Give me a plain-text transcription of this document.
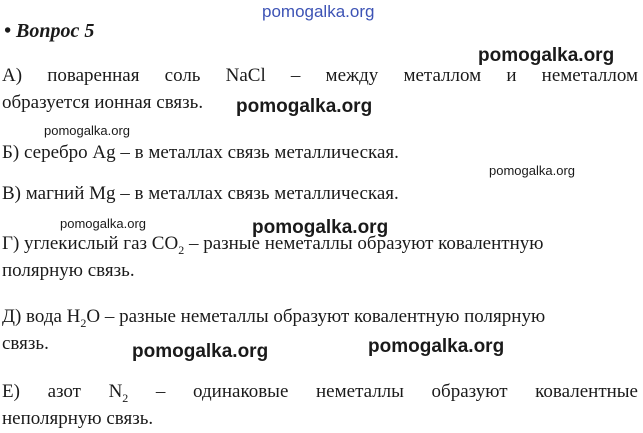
pomogalka.org
• Вопрос 5
pomogalka.org
А) поваренная соль NaCl – между металлом и неметаллом
образуется ионная связь.	pomogalka.org
pomogalka.org
Б) серебро Ag – в металлах связь металлическая.
pomogalka.org
В) магний Mg – в металлах связь металлическая.
pomogalka.org	pomogalka.org
Г) углекислый газ $CO_2$ – разные неметаллы образуют ковалентную
полярную связь.
Д) вода $H_2O$ – разные неметаллы образуют ковалентную полярную
связь.	pomogalka.org	pomogalka.org
Е) азот $N_2$ – одинаковые неметаллы образуют ковалентные
неполярную связь.
